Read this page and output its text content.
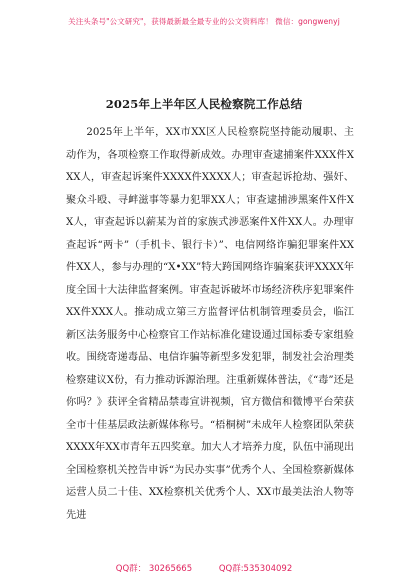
关注头条号"公文研究"，获得最新最全最专业的公文资料库！ 微信：gongwenyj
2025年上半年区人民检察院工作总结

2025年上半年，XX市XX区人民检察院坚持能动履职、主动作为，各项检察工作取得新成效。办理审查逮捕案件XXX件XXX人，审查起诉案件XXXX件XXXX人；审查起诉抢劫、强奸、聚众斗殴、寻衅滋事等暴力犯罪XX人；审查逮捕涉黑案件X件XX人，审查起诉以薪某为首的家族式涉恶案件X件XX人。办理审查起诉“两卡”（手机卡、银行卡）”、电信网络诈骗犯罪案件XX件XX人，参与办理的“X•XX”特大跨国网络诈骗案获评XXXX年度全国十大法律监督案例。审查起诉破坏市场经济秩序犯罪案件XX件XXX人。推动成立第三方监督评估机制管理委员会，临江新区法务服务中心检察官工作站标准化建设通过国标委专家组验收。围绕寄递毒品、电信诈骗等新型多发犯罪，制发社会治理类检察建议X份，有力推动诉源治理。注重新媒体普法，《“毒”还是你吗？》获评全省精品禁毒宣讲视频，官方微信和微博平台荣获全市十佳基层政法新媒体称号。“梧桐树”未成年人检察团队荣获XXXX年XX市青年五四奖章。加大人才培养力度，队伍中涌现出全国检察机关控告申诉“为民办实事”优秀个人、全国检察新媒体运营人员二十佳、XX检察机关优秀个人、XX市最美法治人物等先进

QQ群： 30265665	QQ群:535304092
